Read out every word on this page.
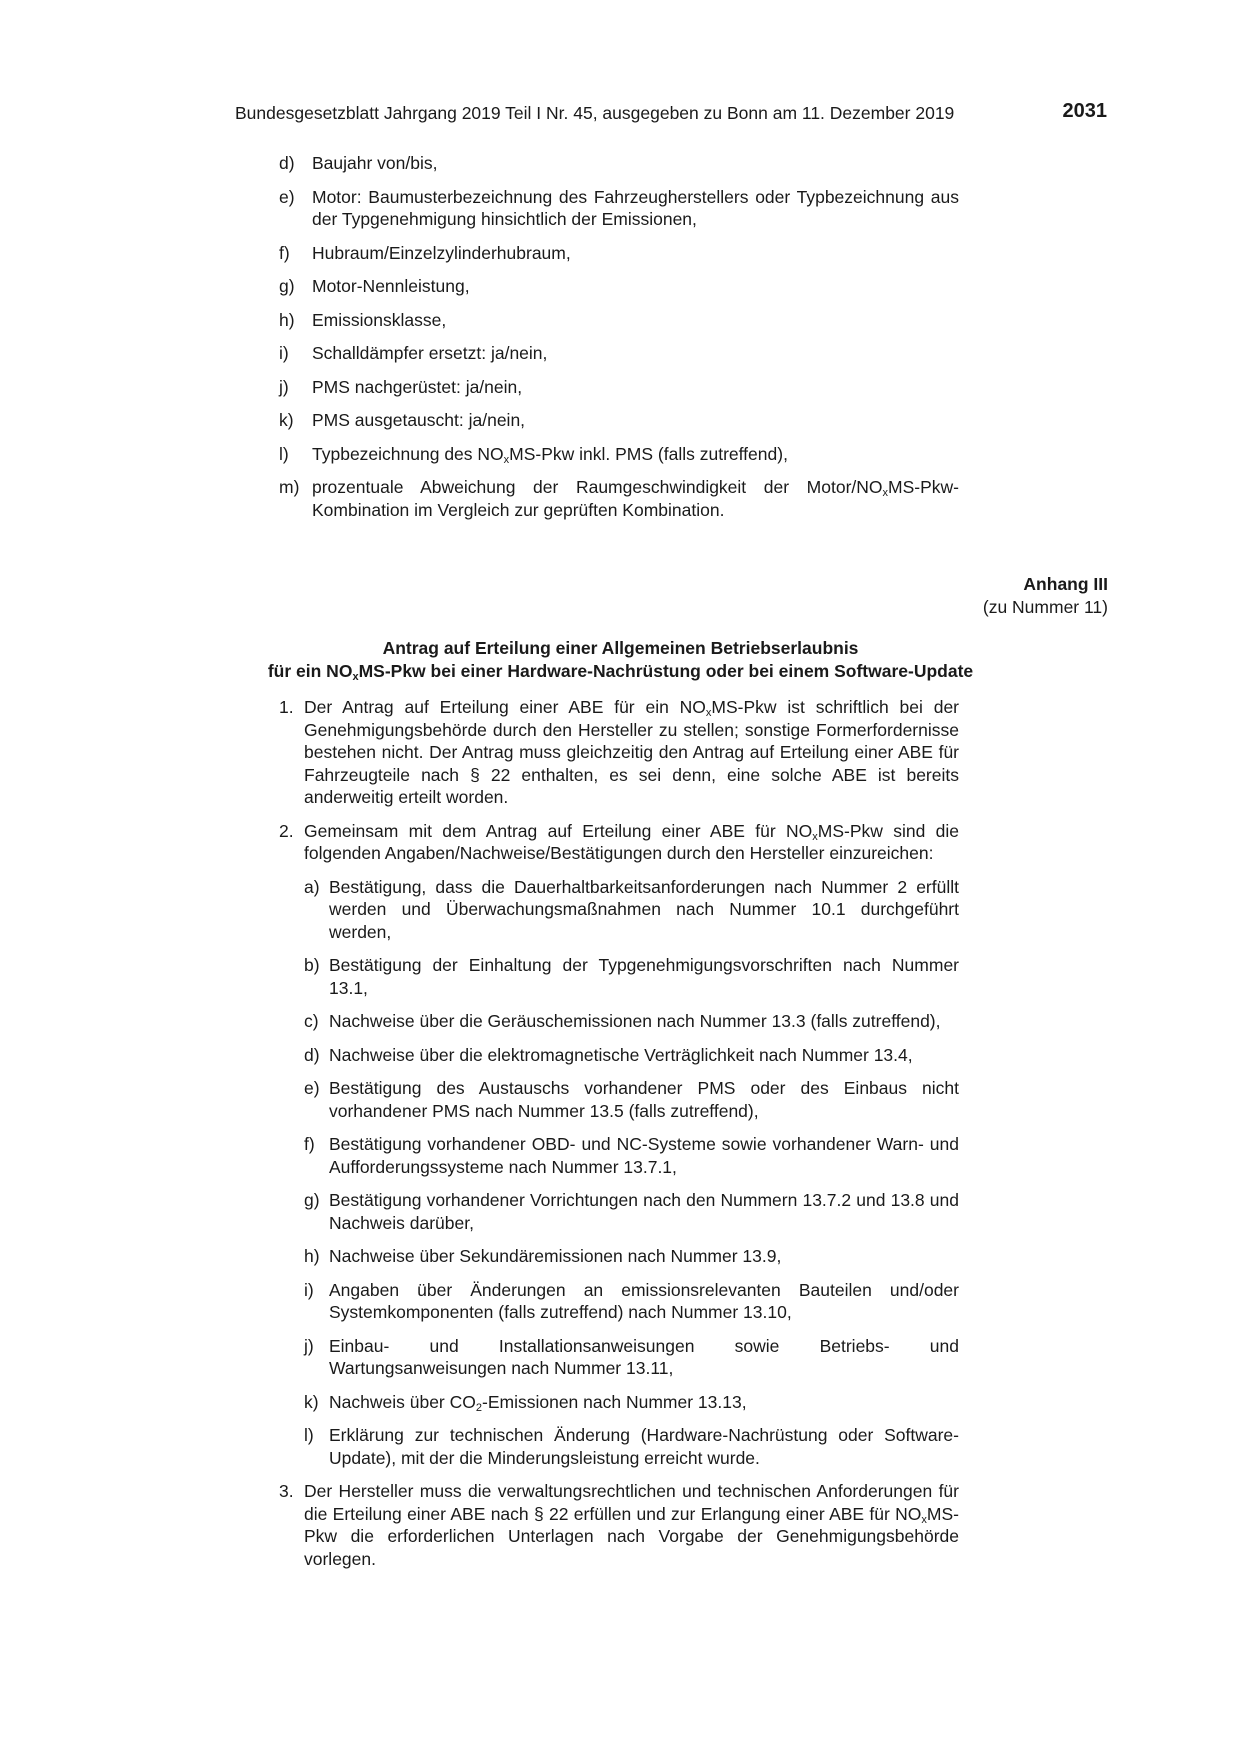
Bundesgesetzblatt Jahrgang 2019 Teil I Nr. 45, ausgegeben zu Bonn am 11. Dezember 2019	2031
d) Baujahr von/bis,
e) Motor: Baumusterbezeichnung des Fahrzeugherstellers oder Typbezeichnung aus der Typgenehmigung hinsichtlich der Emissionen,
f) Hubraum/Einzelzylinderhubraum,
g) Motor-Nennleistung,
h) Emissionsklasse,
i) Schalldämpfer ersetzt: ja/nein,
j) PMS nachgerüstet: ja/nein,
k) PMS ausgetauscht: ja/nein,
l) Typbezeichnung des $NO_xMS$-Pkw inkl. PMS (falls zutreffend),
m) prozentuale Abweichung der Raumgeschwindigkeit der Motor/$NO_xMS-Pkw$-Kombination im Vergleich zur geprüften Kombination.
Anhang III
(zu Nummer 11)
Antrag auf Erteilung einer Allgemeinen Betriebserlaubnis
für ein $NO_xMS$-Pkw bei einer Hardware-Nachrüstung oder bei einem Software-Update
1. Der Antrag auf Erteilung einer ABE für ein $NO_xMS$-Pkw ist schriftlich bei der Genehmigungsbehörde durch den Hersteller zu stellen; sonstige Formerfordernisse bestehen nicht. Der Antrag muss gleichzeitig den Antrag auf Erteilung einer ABE für Fahrzeugteile nach § 22 enthalten, es sei denn, eine solche ABE ist bereits anderweitig erteilt worden.
2. Gemeinsam mit dem Antrag auf Erteilung einer ABE für $NO_xMS$-Pkw sind die folgenden Angaben/Nachweise/Bestätigungen durch den Hersteller einzureichen:
a) Bestätigung, dass die Dauerhaltbarkeitsanforderungen nach Nummer 2 erfüllt werden und Überwachungsmaßnahmen nach Nummer 10.1 durchgeführt werden,
b) Bestätigung der Einhaltung der Typgenehmigungsvorschriften nach Nummer 13.1,
c) Nachweise über die Geräuschemissionen nach Nummer 13.3 (falls zutreffend),
d) Nachweise über die elektromagnetische Verträglichkeit nach Nummer 13.4,
e) Bestätigung des Austauschs vorhandener PMS oder des Einbaus nicht vorhandener PMS nach Nummer 13.5 (falls zutreffend),
f) Bestätigung vorhandener OBD- und NC-Systeme sowie vorhandener Warn- und Aufforderungssysteme nach Nummer 13.7.1,
g) Bestätigung vorhandener Vorrichtungen nach den Nummern 13.7.2 und 13.8 und Nachweis darüber,
h) Nachweise über Sekundäremissionen nach Nummer 13.9,
i) Angaben über Änderungen an emissionsrelevanten Bauteilen und/oder Systemkomponenten (falls zutreffend) nach Nummer 13.10,
j) Einbau- und Installationsanweisungen sowie Betriebs- und Wartungsanweisungen nach Nummer 13.11,
k) Nachweis über $CO_2$-Emissionen nach Nummer 13.13,
l) Erklärung zur technischen Änderung (Hardware-Nachrüstung oder Software-Update), mit der die Minderungsleistung erreicht wurde.
3. Der Hersteller muss die verwaltungsrechtlichen und technischen Anforderungen für die Erteilung einer ABE nach § 22 erfüllen und zur Erlangung einer ABE für $NO_xMS$-Pkw die erforderlichen Unterlagen nach Vorgabe der Genehmigungsbehörde vorlegen.
